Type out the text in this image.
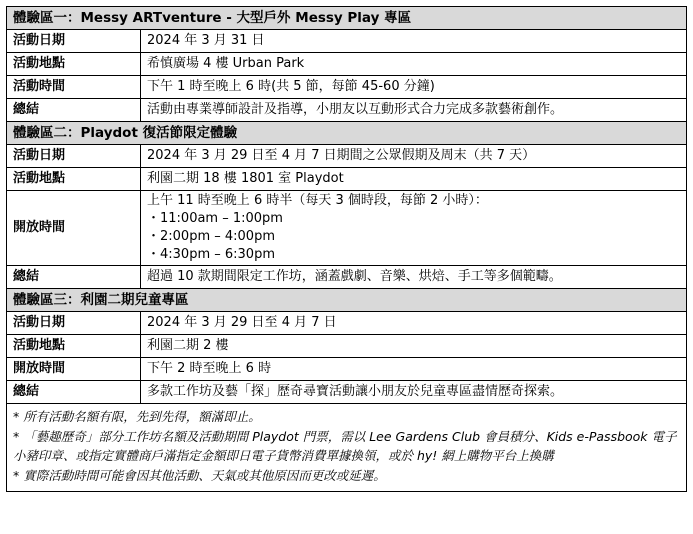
體驗區一：Messy ARTventure - 大型戶外 Messy Play 專區	
活動日期	2024 年 3 月 31 日
活動地點	希慎廣場 4 樓 Urban Park
活動時間	下午 1 時至晚上 6 時(共 5 節，每節 45-60 分鐘)
總結	活動由專業導師設計及指導，小朋友以互動形式合力完成多款藝術創作。
體驗區二：Playdot 復活節限定體驗	
活動日期	2024 年 3 月 29 日至 4 月 7 日期間之公眾假期及周末（共 7 天）
活動地點	利園二期 18 樓 1801 室 Playdot
開放時間	上午 11 時至晚上 6 時半（每天 3 個時段，每節 2 小時）：
・11:00am – 1:00pm
・2:00pm – 4:00pm
・4:30pm – 6:30pm

總結	超過 10 款期間限定工作坊，涵蓋戲劇、音樂、烘焙、手工等多個範疇。
體驗區三：利園二期兒童專區	
活動日期	2024 年 3 月 29 日至 4 月 7 日
活動地點	利園二期 2 樓
開放時間	下午 2 時至晚上 6 時
總結	多款工作坊及藝「探」歷奇尋寶活動讓小朋友於兒童專區盡情歷奇探索。

* 所有活動名額有限，先到先得，額滿即止。
* 「藝趣歷奇」部分工作坊名額及活動期間 Playdot 門票，需以 Lee Gardens Club 會員積分、Kids e-Passbook 電子小豬印章、或指定實體商戶滿指定金額即日電子貨幣消費單據換領，或於 hy! 網上購物平台上換購
* 實際活動時間可能會因其他活動、天氣或其他原因而更改或延遲。	
